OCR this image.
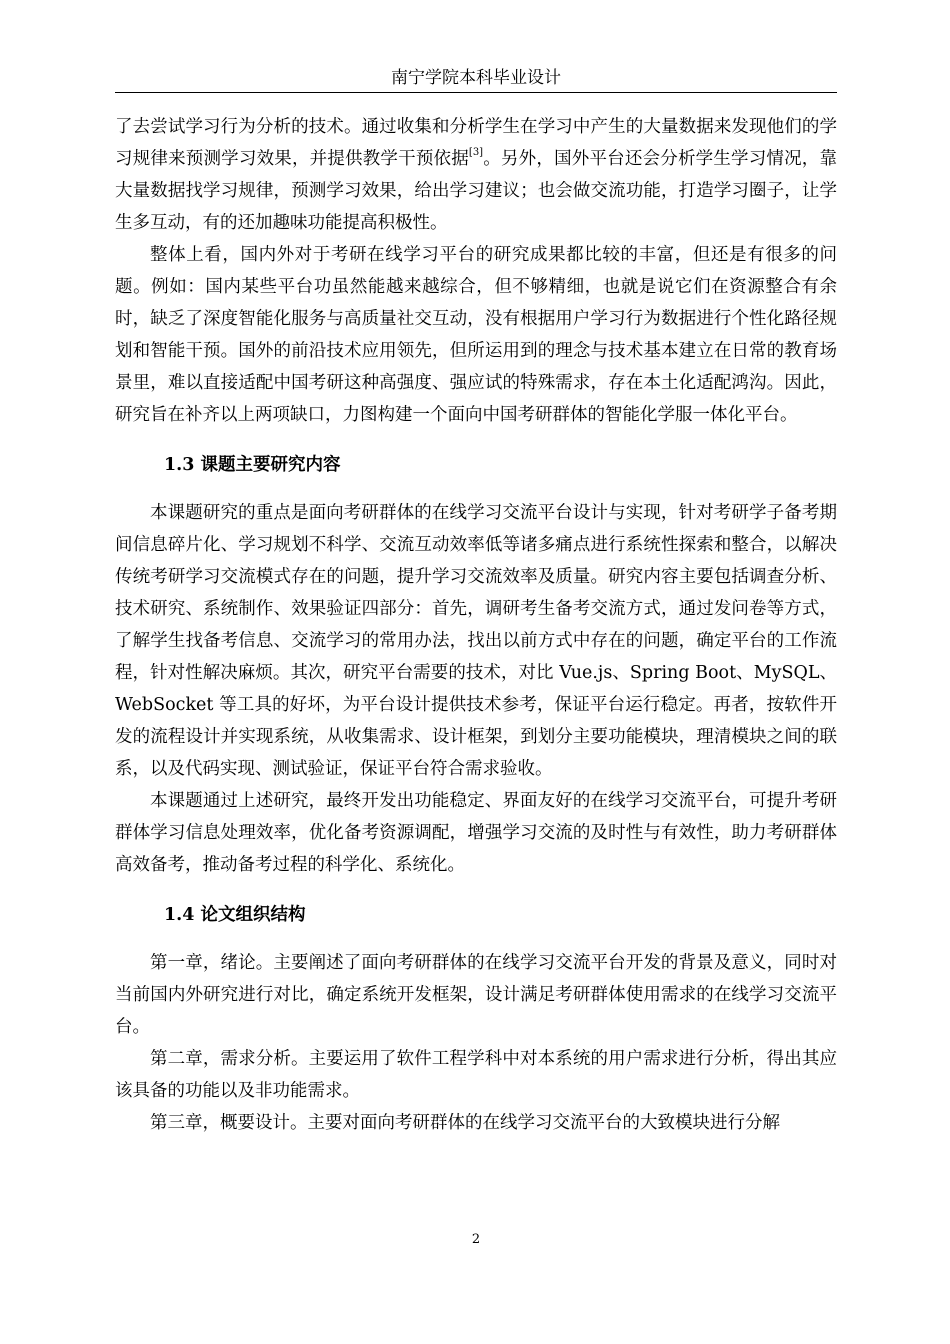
南宁学院本科毕业设计

了去尝试学习行为分析的技术。通过收集和分析学生在学习中产生的大量数据来发现他们的学习规律来预测学习效果，并提供教学干预依据[3]。另外，国外平台还会分析学生学习情况，靠大量数据找学习规律，预测学习效果，给出学习建议；也会做交流功能，打造学习圈子，让学生多互动，有的还加趣味功能提高积极性。

整体上看，国内外对于考研在线学习平台的研究成果都比较的丰富，但还是有很多的问题。例如：国内某些平台功虽然能越来越综合，但不够精细，也就是说它们在资源整合有余时，缺乏了深度智能化服务与高质量社交互动，没有根据用户学习行为数据进行个性化路径规划和智能干预。国外的前沿技术应用领先，但所运用到的理念与技术基本建立在日常的教育场景里，难以直接适配中国考研这种高强度、强应试的特殊需求，存在本土化适配鸿沟。因此，研究旨在补齐以上两项缺口，力图构建一个面向中国考研群体的智能化学服一体化平台。

1.3 课题主要研究内容

本课题研究的重点是面向考研群体的在线学习交流平台设计与实现，针对考研学子备考期间信息碎片化、学习规划不科学、交流互动效率低等诸多痛点进行系统性探索和整合，以解决传统考研学习交流模式存在的问题，提升学习交流效率及质量。研究内容主要包括调查分析、技术研究、系统制作、效果验证四部分：首先，调研考生备考交流方式，通过发问卷等方式，了解学生找备考信息、交流学习的常用办法，找出以前方式中存在的问题，确定平台的工作流程，针对性解决麻烦。其次，研究平台需要的技术，对比 Vue.js、Spring Boot、MySQL、WebSocket 等工具的好坏，为平台设计提供技术参考，保证平台运行稳定。再者，按软件开发的流程设计并实现系统，从收集需求、设计框架，到划分主要功能模块，理清模块之间的联系，以及代码实现、测试验证，保证平台符合需求验收。

本课题通过上述研究，最终开发出功能稳定、界面友好的在线学习交流平台，可提升考研群体学习信息处理效率，优化备考资源调配，增强学习交流的及时性与有效性，助力考研群体高效备考，推动备考过程的科学化、系统化。

1.4 论文组织结构

第一章，绪论。主要阐述了面向考研群体的在线学习交流平台开发的背景及意义，同时对当前国内外研究进行对比，确定系统开发框架，设计满足考研群体使用需求的在线学习交流平台。

第二章，需求分析。主要运用了软件工程学科中对本系统的用户需求进行分析，得出其应该具备的功能以及非功能需求。

第三章，概要设计。主要对面向考研群体的在线学习交流平台的大致模块进行分解

2
